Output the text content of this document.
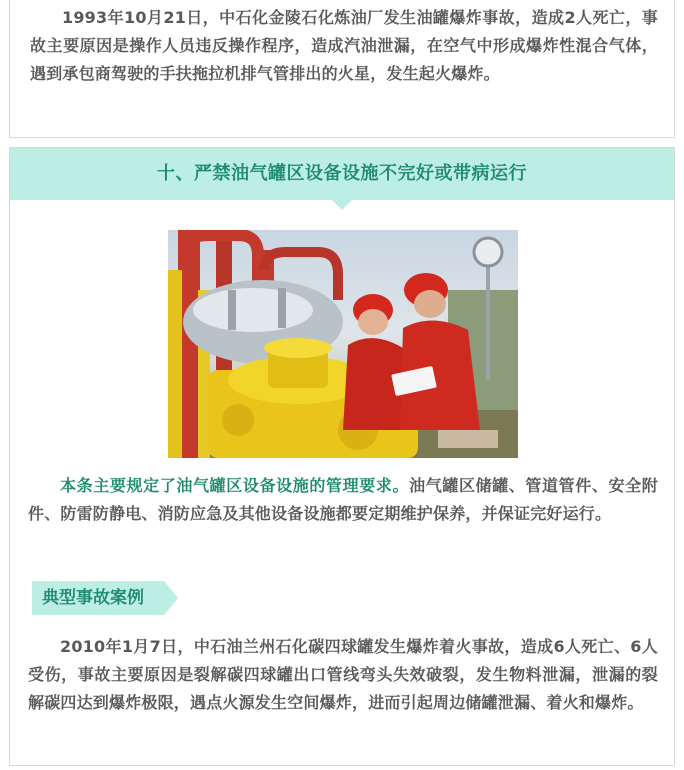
1993年10月21日，中石化金陵石化炼油厂发生油罐爆炸事故，造成2人死亡，事故主要原因是操作人员违反操作程序，造成汽油泄漏，在空气中形成爆炸性混合气体，遇到承包商驾驶的手扶拖拉机排气管排出的火星，发生起火爆炸。

十、严禁油气罐区设备设施不完好或带病运行

本条主要规定了油气罐区设备设施的管理要求。油气罐区储罐、管道管件、安全附件、防雷防静电、消防应急及其他设备设施都要定期维护保养，并保证完好运行。

典型事故案例

2010年1月7日，中石油兰州石化碳四球罐发生爆炸着火事故，造成6人死亡、6人受伤，事故主要原因是裂解碳四球罐出口管线弯头失效破裂，发生物料泄漏，泄漏的裂解碳四达到爆炸极限，遇点火源发生空间爆炸，进而引起周边储罐泄漏、着火和爆炸。
